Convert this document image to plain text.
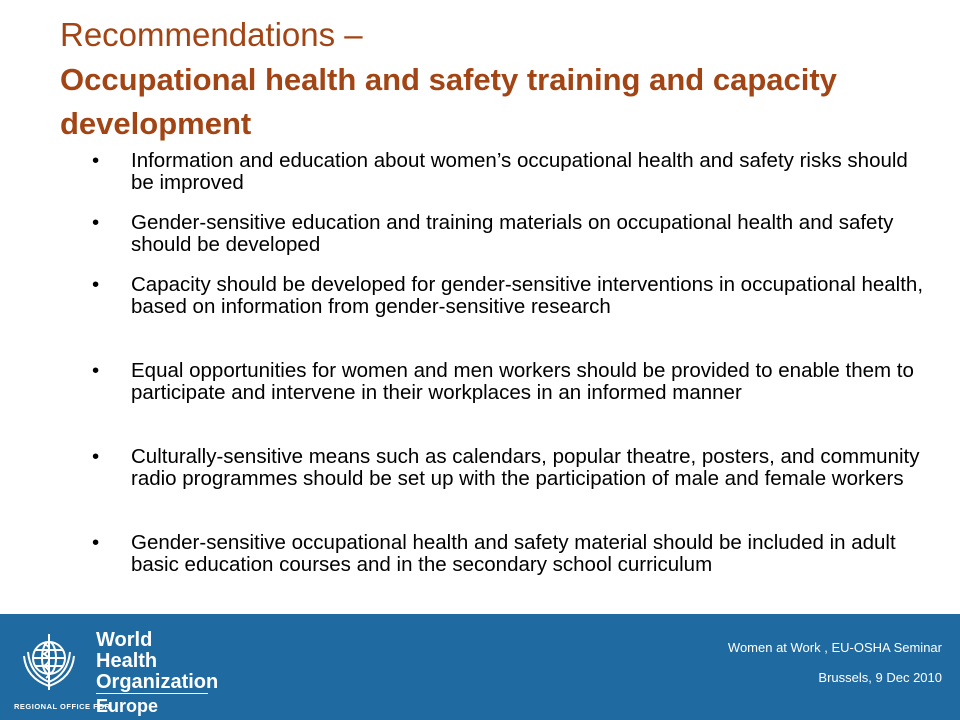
Recommendations –
Occupational health and safety training and capacity development
•	Information and education about women’s occupational health and safety risks should be improved
•	Gender-sensitive education and training materials on occupational health and safety should be developed
•	Capacity should be developed for gender-sensitive interventions in occupational health, based on information from gender-sensitive research
•	Equal opportunities for women and men workers should be provided to enable them to participate and intervene in their workplaces in an informed manner
•	Culturally-sensitive means such as calendars, popular theatre, posters, and community radio programmes should be set up with the participation of male and female workers
•	Gender-sensitive occupational health and safety material should be included in adult basic education courses and in the secondary school curriculum
World Health
Organization
REGIONAL OFFICE FOR
Europe
Women at Work , EU-OSHA Seminar
Brussels, 9 Dec 2010
